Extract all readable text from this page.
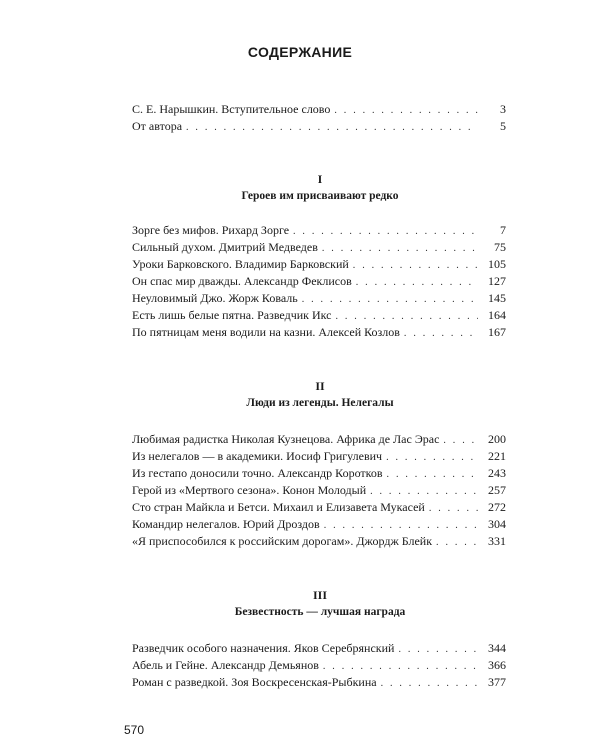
СОДЕРЖАНИЕ
С. Е. Нарышкин. Вступительное слово . . .	3
От автора . . .	5
I
Героев им присваивают редко
Зорге без мифов. Рихард Зорге . . .	7
Сильный духом. Дмитрий Медведев . . .	75
Уроки Барковского. Владимир Барковский . . .	105
Он спас мир дважды. Александр Феклисов . . .	127
Неуловимый Джо. Жорж Коваль . . .	145
Есть лишь белые пятна. Разведчик Икс . . .	164
По пятницам меня водили на казни. Алексей Козлов . . .	167
II
Люди из легенды. Нелегалы
Любимая радистка Николая Кузнецова. Африка де Лас Эрас . . .	200
Из нелегалов — в академики. Иосиф Григулевич . . .	221
Из гестапо доносили точно. Александр Коротков . . .	243
Герой из «Мертвого сезона». Конон Молодый . . .	257
Сто стран Майкла и Бетси. Михаил и Елизавета Мукасей . . .	272
Командир нелегалов. Юрий Дроздов . . .	304
«Я приспособился к российским дорогам». Джордж Блейк . . .	331
III
Безвестность — лучшая награда
Разведчик особого назначения. Яков Серебрянский . . .	344
Абель и Гейне. Александр Демьянов . . .	366
Роман с разведкой. Зоя Воскресенская-Рыбкина . . .	377
570
